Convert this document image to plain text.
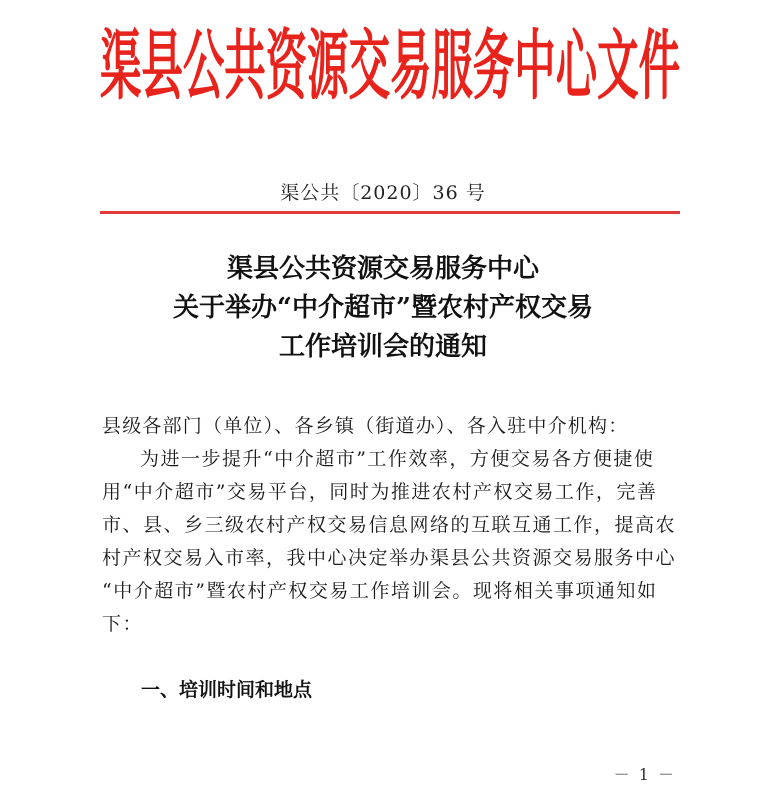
渠县公共资源交易服务中心文件
渠公共〔2020〕36 号
渠县公共资源交易服务中心
关于举办“中介超市”暨农村产权交易
工作培训会的通知
县级各部门（单位）、各乡镇（街道办）、各入驻中介机构：
为进一步提升“中介超市”工作效率，方便交易各方便捷使
用“中介超市”交易平台，同时为推进农村产权交易工作，完善
市、县、乡三级农村产权交易信息网络的互联互通工作，提高农
村产权交易入市率，我中心决定举办渠县公共资源交易服务中心
“中介超市”暨农村产权交易工作培训会。现将相关事项通知如
下：
一、培训时间和地点
－ 1 －
